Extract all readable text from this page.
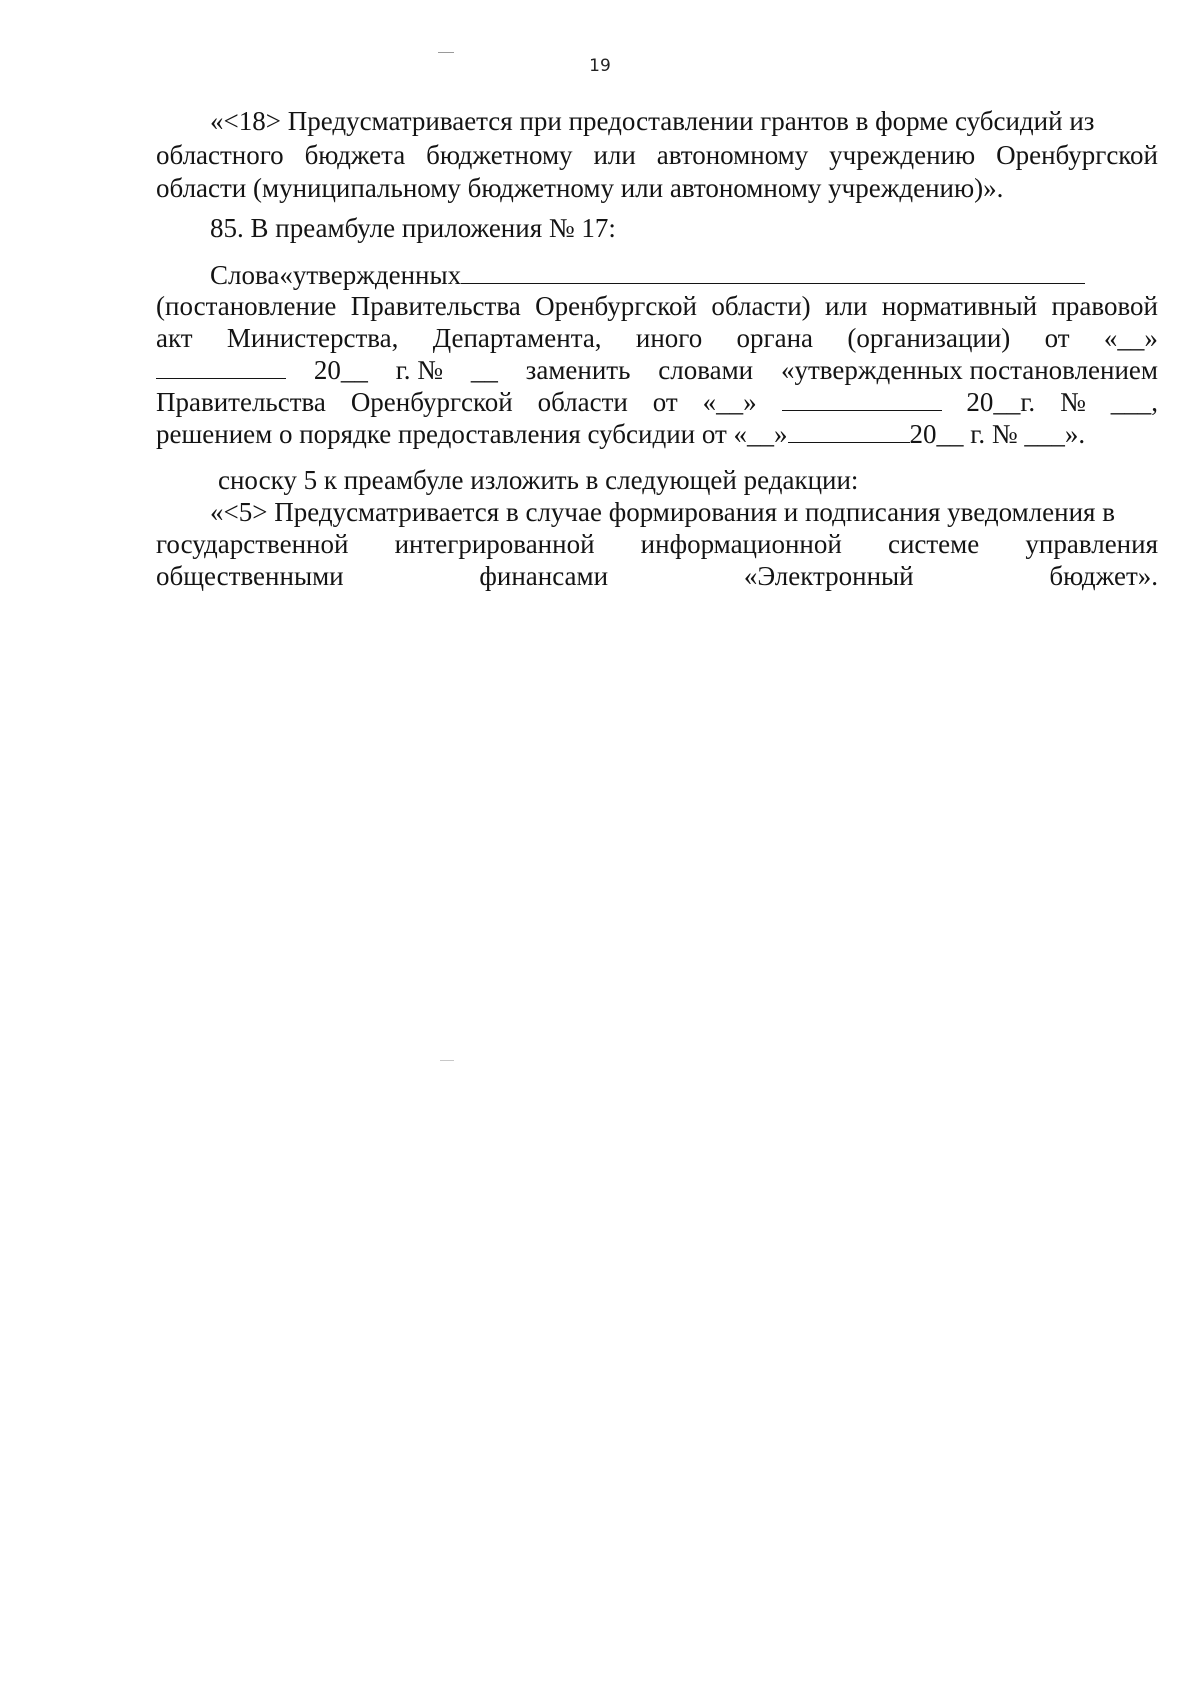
19
«<18> Предусматривается при предоставлении грантов в форме субсидий из
областного бюджета бюджетному или автономному учреждению Оренбургской
области (муниципальному бюджетному или автономному учреждению)».
85. В преамбуле приложения № 17:
Слова«утвержденных
(постановление Правительства Оренбургской области) или нормативный правовой
акт Министерства, Департамента, иного органа (организации) от «__»
20__ г. № __ заменить словами «утвержденных постановлением
Правительства Оренбургской области от «__»	20__г. № ___,
решением о порядке предоставления субсидии от «__»	20__ г. № ___».
сноску 5 к преамбуле изложить в следующей редакции:
«<5> Предусматривается в случае формирования и подписания уведомления в
государственной интегрированной информационной системе управления
общественными финансами «Электронный бюджет».
